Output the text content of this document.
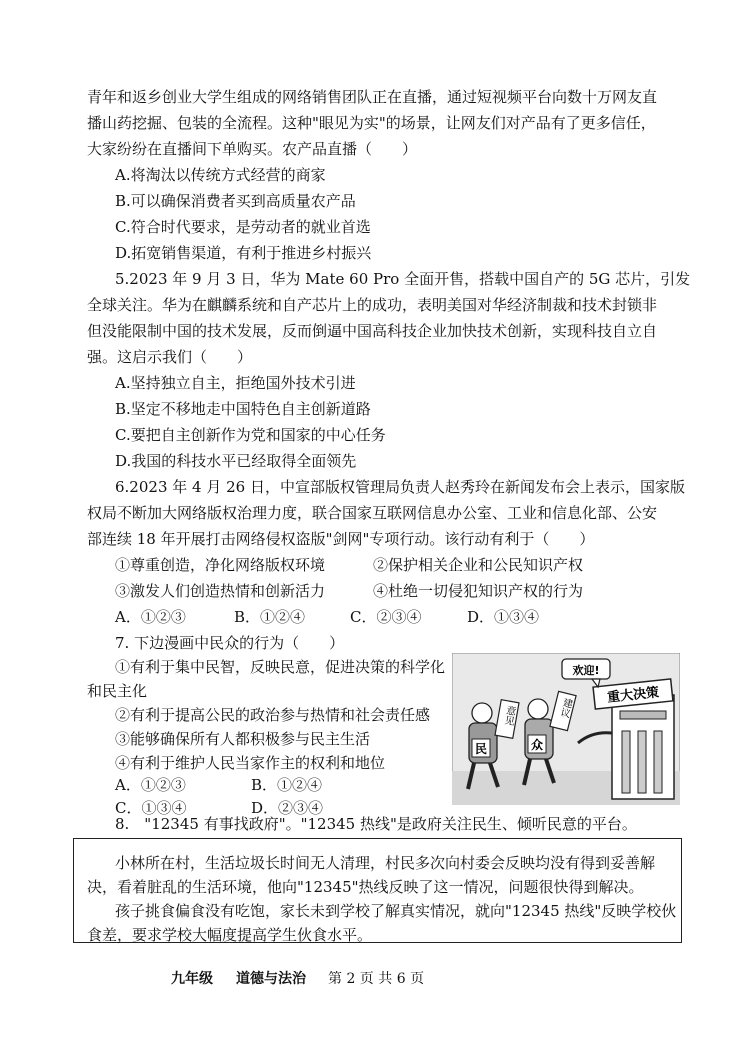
青年和返乡创业大学生组成的网络销售团队正在直播，通过短视频平台向数十万网友直
播山药挖掘、包装的全流程。这种"眼见为实"的场景，让网友们对产品有了更多信任，
大家纷纷在直播间下单购买。农产品直播（　　）
A.将淘汰以传统方式经营的商家
B.可以确保消费者买到高质量农产品
C.符合时代要求，是劳动者的就业首选
D.拓宽销售渠道，有利于推进乡村振兴
5.2023 年 9 月 3 日，华为 Mate 60 Pro 全面开售，搭载中国自产的 5G 芯片，引发
全球关注。华为在麒麟系统和自产芯片上的成功，表明美国对华经济制裁和技术封锁非
但没能限制中国的技术发展，反而倒逼中国高科技企业加快技术创新，实现科技自立自
强。这启示我们（　　）
A.坚持独立自主，拒绝国外技术引进
B.坚定不移地走中国特色自主创新道路
C.要把自主创新作为党和国家的中心任务
D.我国的科技水平已经取得全面领先
6.2023 年 4 月 26 日，中宣部版权管理局负责人赵秀玲在新闻发布会上表示，国家版
权局不断加大网络版权治理力度，联合国家互联网信息办公室、工业和信息化部、公安
部连续 18 年开展打击网络侵权盗版"剑网"专项行动。该行动有利于（　　）
①尊重创造，净化网络版权环境	②保护相关企业和公民知识产权
③激发人们创造热情和创新活力	④杜绝一切侵犯知识产权的行为
A．①②③	B．①②④	C．②③④	D．①③④
7. 下边漫画中民众的行为（　　）
①有利于集中民智，反映民意，促进决策的科学化
和民主化
②有利于提高公民的政治参与热情和社会责任感
③能够确保所有人都积极参与民主生活
④有利于维护人民当家作主的权利和地位
A．①②③	B．①②④
C．①③④	D．②③④
重大决策
欢迎!
民
意见
众
建议
8.　"12345 有事找政府"。"12345 热线"是政府关注民生、倾听民意的平台。
小林所在村，生活垃圾长时间无人清理，村民多次向村委会反映均没有得到妥善解
决，看着脏乱的生活环境，他向"12345"热线反映了这一情况，问题很快得到解决。
孩子挑食偏食没有吃饱，家长未到学校了解真实情况，就向"12345 热线"反映学校伙
食差，要求学校大幅度提高学生伙食水平。
九年级 道德与法治 第 2 页 共 6 页
